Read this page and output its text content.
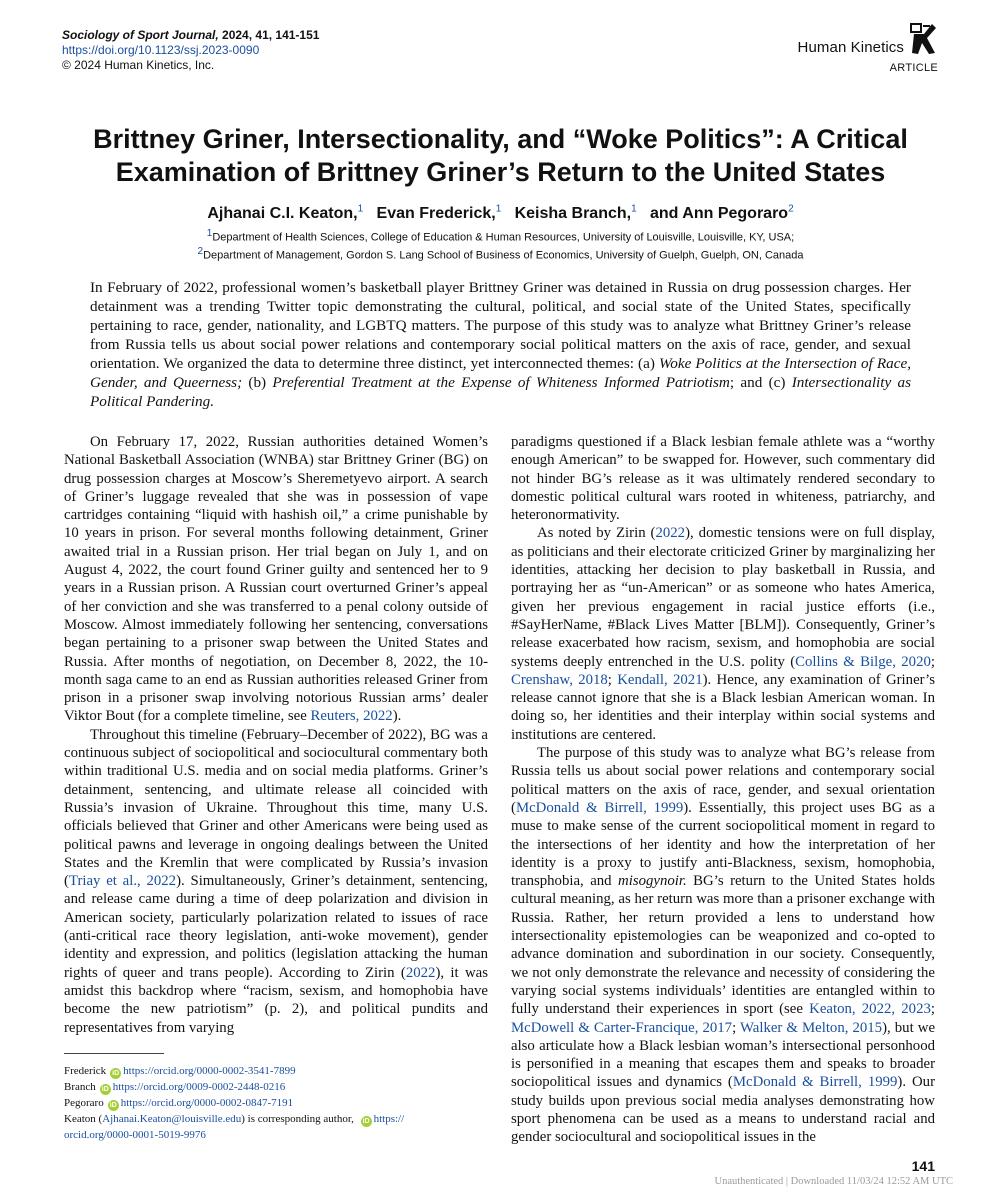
Sociology of Sport Journal, 2024, 41, 141-151
https://doi.org/10.1123/ssj.2023-0090
© 2024 Human Kinetics, Inc.
Human Kinetics
ARTICLE
Brittney Griner, Intersectionality, and “Woke Politics”: A Critical
Examination of Brittney Griner’s Return to the United States
Ajhanai C.I. Keaton,$^1$ Evan Frederick,$^1$ Keisha Branch,$^1$ and Ann Pegoraro$^2$
$^1$Department of Health Sciences, College of Education & Human Resources, University of Louisville, Louisville, KY, USA;
$^2$Department of Management, Gordon S. Lang School of Business of Economics, University of Guelph, Guelph, ON, Canada
In February of 2022, professional women’s basketball player Brittney Griner was detained in Russia on drug possession charges. Her detainment was a trending Twitter topic demonstrating the cultural, political, and social state of the United States, specifically pertaining to race, gender, nationality, and LGBTQ matters. The purpose of this study was to analyze what Brittney Griner’s release from Russia tells us about social power relations and contemporary social political matters on the axis of race, gender, and sexual orientation. We organized the data to determine three distinct, yet interconnected themes: (a) Woke Politics at the Intersection of Race, Gender, and Queerness; (b) Preferential Treatment at the Expense of Whiteness Informed Patriotism; and (c) Intersectionality as Political Pandering.

On February 17, 2022, Russian authorities detained Women’s National Basketball Association (WNBA) star Brittney Griner (BG) on drug possession charges at Moscow’s Sheremetyevo airport. A search of Griner’s luggage revealed that she was in possession of vape cartridges containing “liquid with hashish oil,” a crime punishable by 10 years in prison. For several months following detainment, Griner awaited trial in a Russian prison. Her trial began on July 1, and on August 4, 2022, the court found Griner guilty and sentenced her to 9 years in a Russian prison. A Russian court overturned Griner’s appeal of her conviction and she was transferred to a penal colony outside of Moscow. Almost immediately following her sentencing, conversations began pertaining to a prisoner swap between the United States and Russia. After months of negotiation, on December 8, 2022, the 10-month saga came to an end as Russian authorities released Griner from prison in a prisoner swap involving notorious Russian arms’ dealer Viktor Bout (for a complete timeline, see Reuters, 2022).

Throughout this timeline (February–December of 2022), BG was a continuous subject of sociopolitical and sociocultural commentary both within traditional U.S. media and on social media platforms. Griner’s detainment, sentencing, and ultimate release all coincided with Russia’s invasion of Ukraine. Throughout this time, many U.S. officials believed that Griner and other Americans were being used as political pawns and leverage in ongoing dealings between the United States and the Kremlin that were complicated by Russia’s invasion (Triay et al., 2022). Simultaneously, Griner’s detainment, sentencing, and release came during a time of deep polarization and division in American society, particularly polarization related to issues of race (anti-critical race theory legislation, anti-woke movement), gender identity and expression, and politics (legislation attacking the human rights of queer and trans people). According to Zirin (2022), it was amidst this backdrop where “racism, sexism, and homophobia have become the new patriotism” (p. 2), and political pundits and representatives from varying

paradigms questioned if a Black lesbian female athlete was a “worthy enough American” to be swapped for. However, such commentary did not hinder BG’s release as it was ultimately rendered secondary to domestic political cultural wars rooted in whiteness, patriarchy, and heteronormativity.

As noted by Zirin (2022), domestic tensions were on full display, as politicians and their electorate criticized Griner by marginalizing her identities, attacking her decision to play basketball in Russia, and portraying her as “un-American” or as someone who hates America, given her previous engagement in racial justice efforts (i.e., #SayHerName, #Black Lives Matter [BLM]). Consequently, Griner’s release exacerbated how racism, sexism, and homophobia are social systems deeply entrenched in the U.S. polity (Collins & Bilge, 2020; Crenshaw, 2018; Kendall, 2021). Hence, any examination of Griner’s release cannot ignore that she is a Black lesbian American woman. In doing so, her identities and their interplay within social systems and institutions are centered.

The purpose of this study was to analyze what BG’s release from Russia tells us about social power relations and contemporary social political matters on the axis of race, gender, and sexual orientation (McDonald & Birrell, 1999). Essentially, this project uses BG as a muse to make sense of the current sociopolitical moment in regard to the intersections of her identity and how the interpretation of her identity is a proxy to justify anti-Blackness, sexism, homophobia, transphobia, and misogynoir. BG’s return to the United States holds cultural meaning, as her return was more than a prisoner exchange with Russia. Rather, her return provided a lens to understand how intersectionality epistemologies can be weaponized and co-opted to advance domination and subordination in our society. Consequently, we not only demonstrate the relevance and necessity of considering the varying social systems individuals’ identities are entangled within to fully understand their experiences in sport (see Keaton, 2022, 2023; McDowell & Carter-Francique, 2017; Walker & Melton, 2015), but we also articulate how a Black lesbian woman’s intersectional personhood is personified in a meaning that escapes them and speaks to broader sociopolitical issues and dynamics (McDonald & Birrell, 1999). Our study builds upon previous social media analyses demonstrating how sport phenomena can be used as a means to understand racial and gender sociocultural and sociopolitical issues in the

Frederick iD https://orcid.org/0000-0002-3541-7899
Branch iD https://orcid.org/0009-0002-2448-0216
Pegoraro iD https://orcid.org/0000-0002-0847-7191
Keaton (Ajhanai.Keaton@louisville.edu) is corresponding author, iD https://
orcid.org/0000-0001-5019-9976
141
Unauthenticated | Downloaded 11/03/24 12:52 AM UTC
